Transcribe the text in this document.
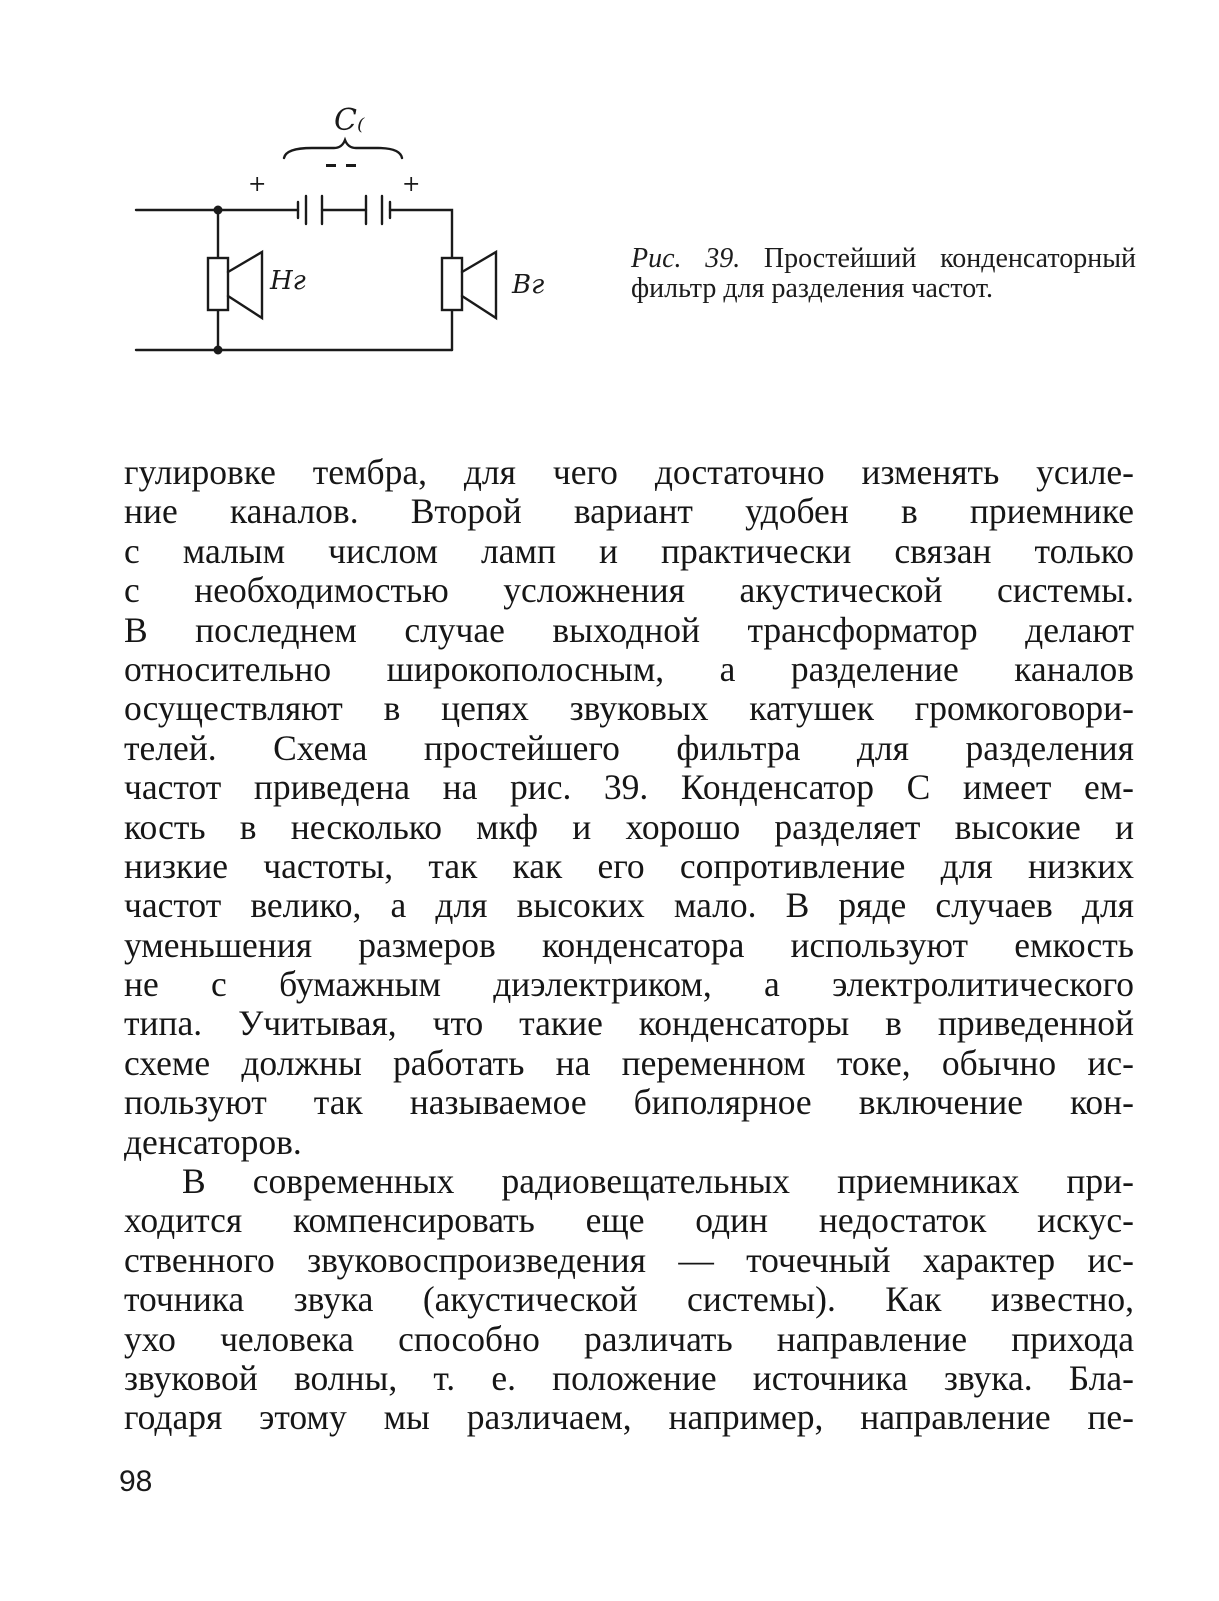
C₍
+	+
Нг	Вг
Рис. 39. Простейший конденсаторный фильтр для разделения частот.
гулировке тембра, для чего достаточно изменять усиле-
ние каналов. Второй вариант удобен в приемнике
с малым числом ламп и практически связан только
с необходимостью усложнения акустической системы.
В последнем случае выходной трансформатор делают
относительно широкополосным, а разделение каналов
осуществляют в цепях звуковых катушек громкоговори-
телей. Схема простейшего фильтра для разделения
частот приведена на рис. 39. Конденсатор С имеет ем-
кость в несколько мкф и хорошо разделяет высокие и
низкие частоты, так как его сопротивление для низких
частот велико, а для высоких мало. В ряде случаев для
уменьшения размеров конденсатора используют емкость
не с бумажным диэлектриком, а электролитического
типа. Учитывая, что такие конденсаторы в приведенной
схеме должны работать на переменном токе, обычно ис-
пользуют так называемое биполярное включение кон-
денсаторов.
В современных радиовещательных приемниках при-
ходится компенсировать еще один недостаток искус-
ственного звуковоспроизведения — точечный характер ис-
точника звука (акустической системы). Как известно,
ухо человека способно различать направление прихода
звуковой волны, т. е. положение источника звука. Бла-
годаря этому мы различаем, например, направление пе-
98
